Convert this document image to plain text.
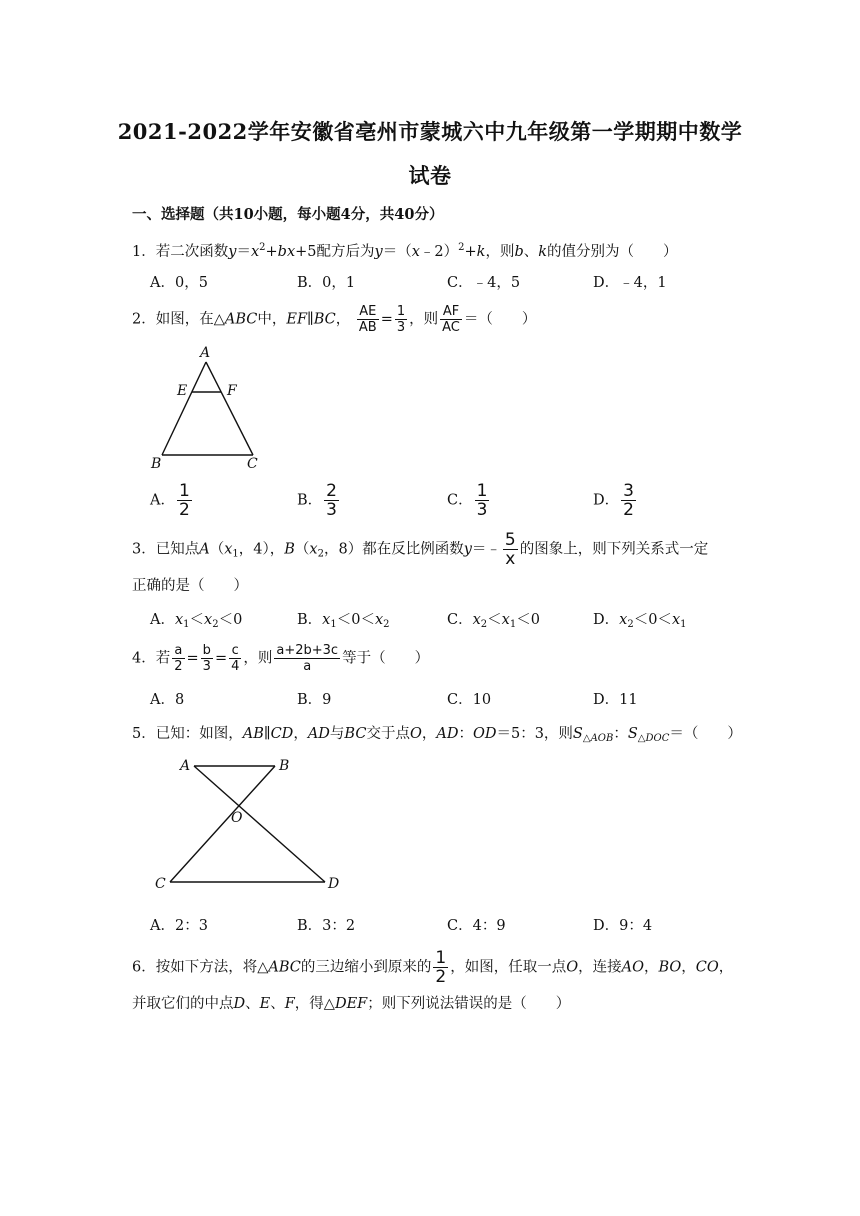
2021-2022学年安徽省亳州市蒙城六中九年级第一学期期中数学
试卷
一、选择题（共10小题，每小题4分，共40分）
1．若二次函数$y=x^2+bx+5$配方后为y＝（x﹣2）$^2$+k，则b、k的值分别为（　　）
A．0，5	B．0，1	C．﹣4，5	D．﹣4，1
2．如图，在△ABC中，EF∥BC， $\frac{AE}{AB} = \frac{1}{3}$ ，则 $\frac{AF}{AC}$ ＝（　　）
A
E	F
B	C
A． $\frac{1}{2}$	B． $\frac{2}{3}$	C． $\frac{1}{3}$	D． $\frac{3}{2}$
3．已知点$A(x_1$，4），$B(x_2$，8）都在反比例函数y＝﹣ $\frac{5}{x}$ 的图象上，则下列关系式一定
正确的是（　　）
A．$x_1<x_2<0$	B．$x_1<0<x_2$	C．$x_2<x_1<0$	D．$x_2<0<x_1$
4．若 $\frac{a}{2} = \frac{b}{3} = \frac{c}{4}$ ，则 $\frac{a+2b+3c}{a}$ 等于（　　）
A．8	B．9	C．10	D．11
5．已知：如图，AB∥CD，AD与BC交于点O，AD：OD＝5：3，则$S_{\triangle AOB}$：$S_{\triangle DOC}=$（　　）
A	B
O
C	D
A．2：3	B．3：2	C．4：9	D．9：4
6．按如下方法，将△ABC的三边缩小到原来的 $\frac{1}{2}$ ，如图，任取一点O，连接AO，BO，CO，
并取它们的中点D、E、F，得△DEF；则下列说法错误的是（　　）
